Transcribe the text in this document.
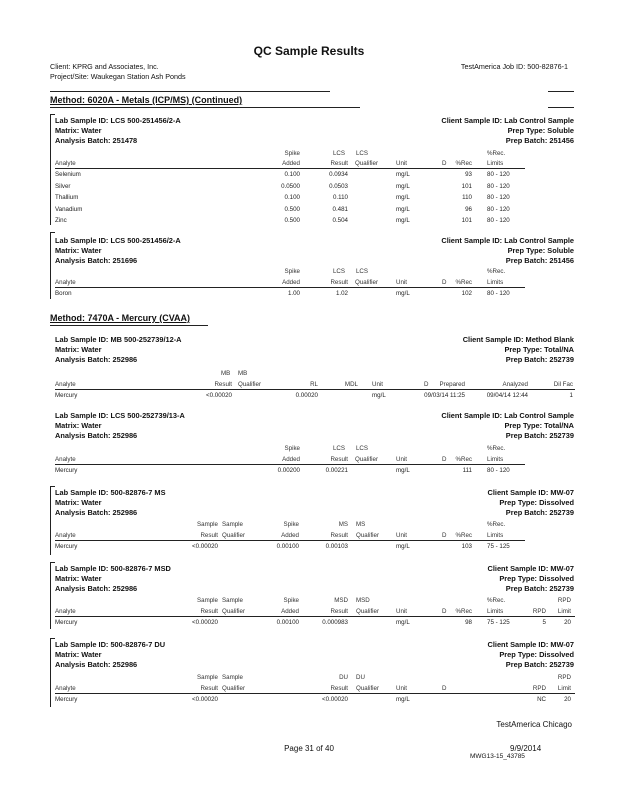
QC Sample Results
Client: KPRG and Associates, Inc.
Project/Site: Waukegan Station Ash Ponds
TestAmerica Job ID: 500-82876-1
Method: 6020A - Metals (ICP/MS) (Continued)
Method: 7470A - Mercury (CVAA)
Lab Sample ID: LCS 500-251456/2-A
Matrix: Water
Analysis Batch: 251478
Client Sample ID: Lab Control Sample
Prep Type: Soluble
Prep Batch: 251456
Spike	LCS	LCS	%Rec.
Analyte	Added	Result Qualifier	Unit	D	%Rec Limits
Selenium	0.100	0.0934	mg/L	93 80 - 120
Silver	0.0500	0.0503	mg/L	101 80 - 120
Thallium	0.100	0.110	mg/L	110 80 - 120
Vanadium	0.500	0.481	mg/L	96 80 - 120
Zinc	0.500	0.504	mg/L	101 80 - 120
Lab Sample ID: LCS 500-251456/2-A
Matrix: Water
Analysis Batch: 251696
Client Sample ID: Lab Control Sample
Prep Type: Soluble
Prep Batch: 251456
Spike	LCS	LCS	%Rec.
Analyte	Added	Result Qualifier	Unit	D	%Rec Limits
Boron	1.00	1.02	mg/L	102 80 - 120
Lab Sample ID: MB 500-252739/12-A
Matrix: Water
Analysis Batch: 252986
Client Sample ID: Method Blank
Prep Type: Total/NA
Prep Batch: 252739
MB MB
Analyte	Result Qualifier	RL	MDL Unit	D	Prepared	Analyzed	Dil Fac
Mercury	<0.00020	0.00020	mg/L	09/03/14 11:25	09/04/14 12:44	1
Lab Sample ID: LCS 500-252739/13-A
Matrix: Water
Analysis Batch: 252986
Client Sample ID: Lab Control Sample
Prep Type: Total/NA
Prep Batch: 252739
Spike	LCS	LCS	%Rec.
Analyte	Added	Result Qualifier	Unit	D	%Rec Limits
Mercury	0.00200	0.00221	mg/L	111 80 - 120
Lab Sample ID: 500-82876-7 MS
Matrix: Water
Analysis Batch: 252986
Client Sample ID: MW-07
Prep Type: Dissolved
Prep Batch: 252739
Sample Sample	Spike	MS MS	%Rec.
Analyte	Result Qualifier	Added	Result Qualifier	Unit	D	%Rec Limits
Mercury	<0.00020	0.00100	0.00103	mg/L	103 75 - 125
Lab Sample ID: 500-82876-7 MSD
Matrix: Water
Analysis Batch: 252986
Client Sample ID: MW-07
Prep Type: Dissolved
Prep Batch: 252739
Sample Sample	Spike	MSD MSD	%Rec.	RPD
Analyte	Result Qualifier	Added	Result Qualifier	Unit	D	%Rec Limits	RPD	Limit
Mercury	<0.00020	0.00100	0.000983	mg/L	98 75 - 125	5	20
Lab Sample ID: 500-82876-7 DU
Matrix: Water
Analysis Batch: 252986
Client Sample ID: MW-07
Prep Type: Dissolved
Prep Batch: 252739
Sample Sample	DU DU	RPD
Analyte	Result Qualifier	Result Qualifier	Unit	D	RPD	Limit
Mercury	<0.00020	<0.00020	mg/L	NC	20
TestAmerica Chicago
Page 31 of 40	9/9/2014
MWG13-15_43785
